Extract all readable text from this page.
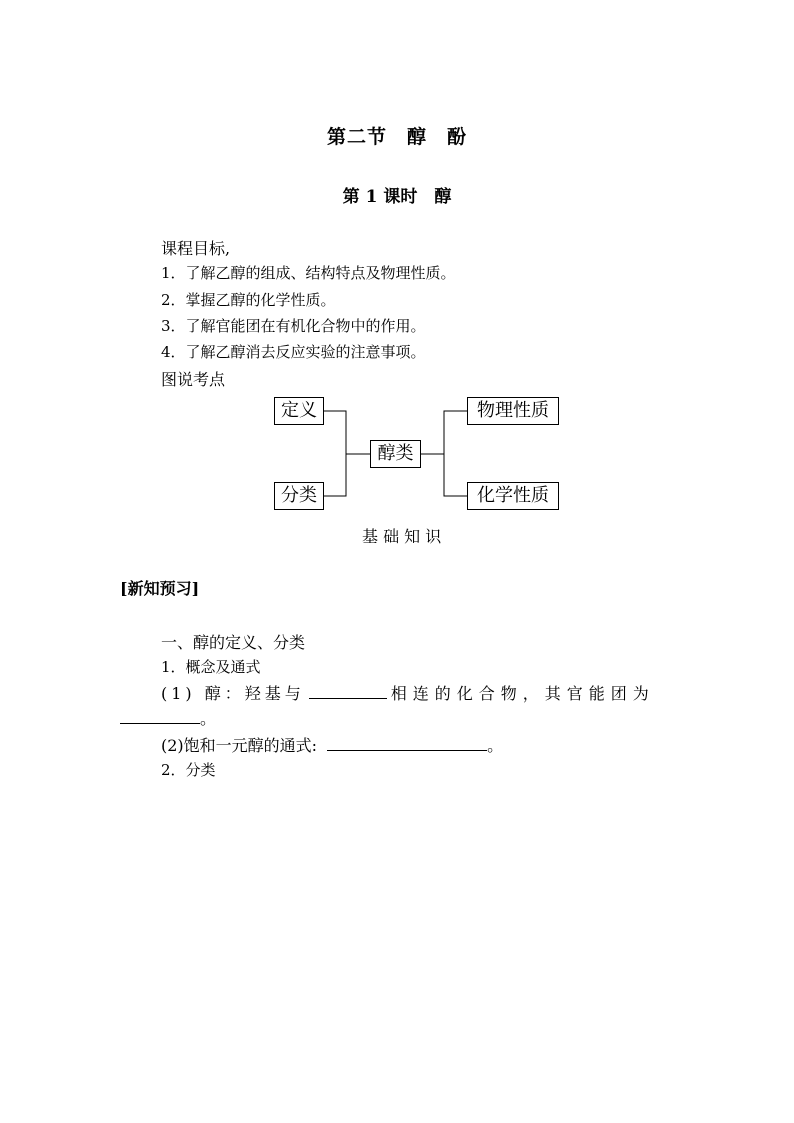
第二节　醇　酚
第 1 课时　醇
课程目标,
1．了解乙醇的组成、结构特点及物理性质。
2．掌握乙醇的化学性质。
3．了解官能团在有机化合物中的作用。
4．了解乙醇消去反应实验的注意事项。
图说考点
定义
分类
醇类
物理性质
化学性质
基 础 知 识
[新知预习]
一、醇的定义、分类
1．概念及通式
(1) 醇：羟基与	相连的化合物，其官能团为
。
(2)饱和一元醇的通式:	。
2．分类
